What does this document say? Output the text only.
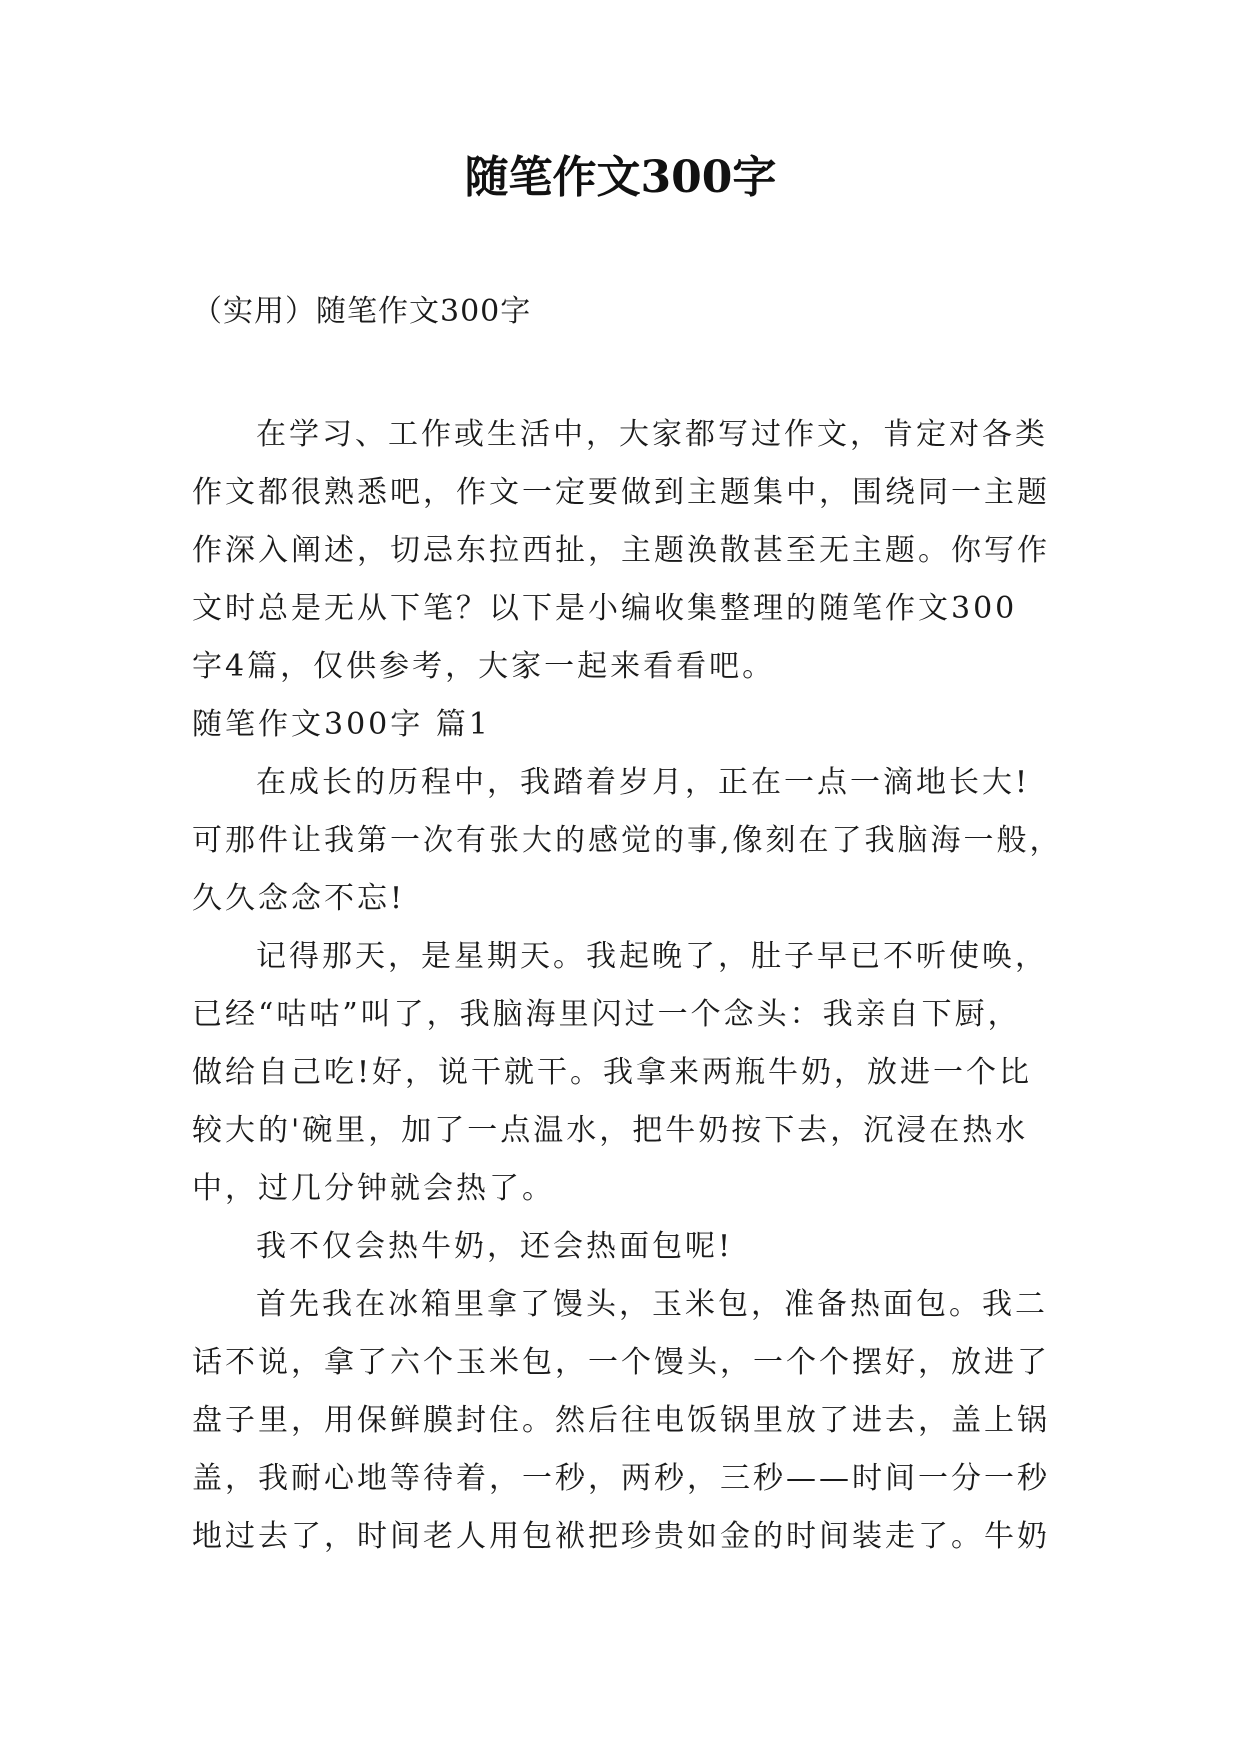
随笔作文300字

（实用）随笔作文300字

在学习、工作或生活中，大家都写过作文，肯定对各类

作文都很熟悉吧，作文一定要做到主题集中，围绕同一主题

作深入阐述，切忌东拉西扯，主题涣散甚至无主题。你写作

文时总是无从下笔？以下是小编收集整理的随笔作文300

字4篇，仅供参考，大家一起来看看吧。

随笔作文300字 篇1

在成长的历程中，我踏着岁月，正在一点一滴地长大!

可那件让我第一次有张大的感觉的事,像刻在了我脑海一般，

久久念念不忘!

记得那天，是星期天。我起晚了，肚子早已不听使唤，

已经“咕咕”叫了，我脑海里闪过一个念头：我亲自下厨，

做给自己吃!好，说干就干。我拿来两瓶牛奶，放进一个比

较大的'碗里，加了一点温水，把牛奶按下去，沉浸在热水

中，过几分钟就会热了。

我不仅会热牛奶，还会热面包呢!

首先我在冰箱里拿了馒头，玉米包，准备热面包。我二

话不说，拿了六个玉米包，一个馒头，一个个摆好，放进了

盘子里，用保鲜膜封住。然后往电饭锅里放了进去，盖上锅

盖，我耐心地等待着，一秒，两秒，三秒——时间一分一秒

地过去了，时间老人用包袱把珍贵如金的时间装走了。牛奶
